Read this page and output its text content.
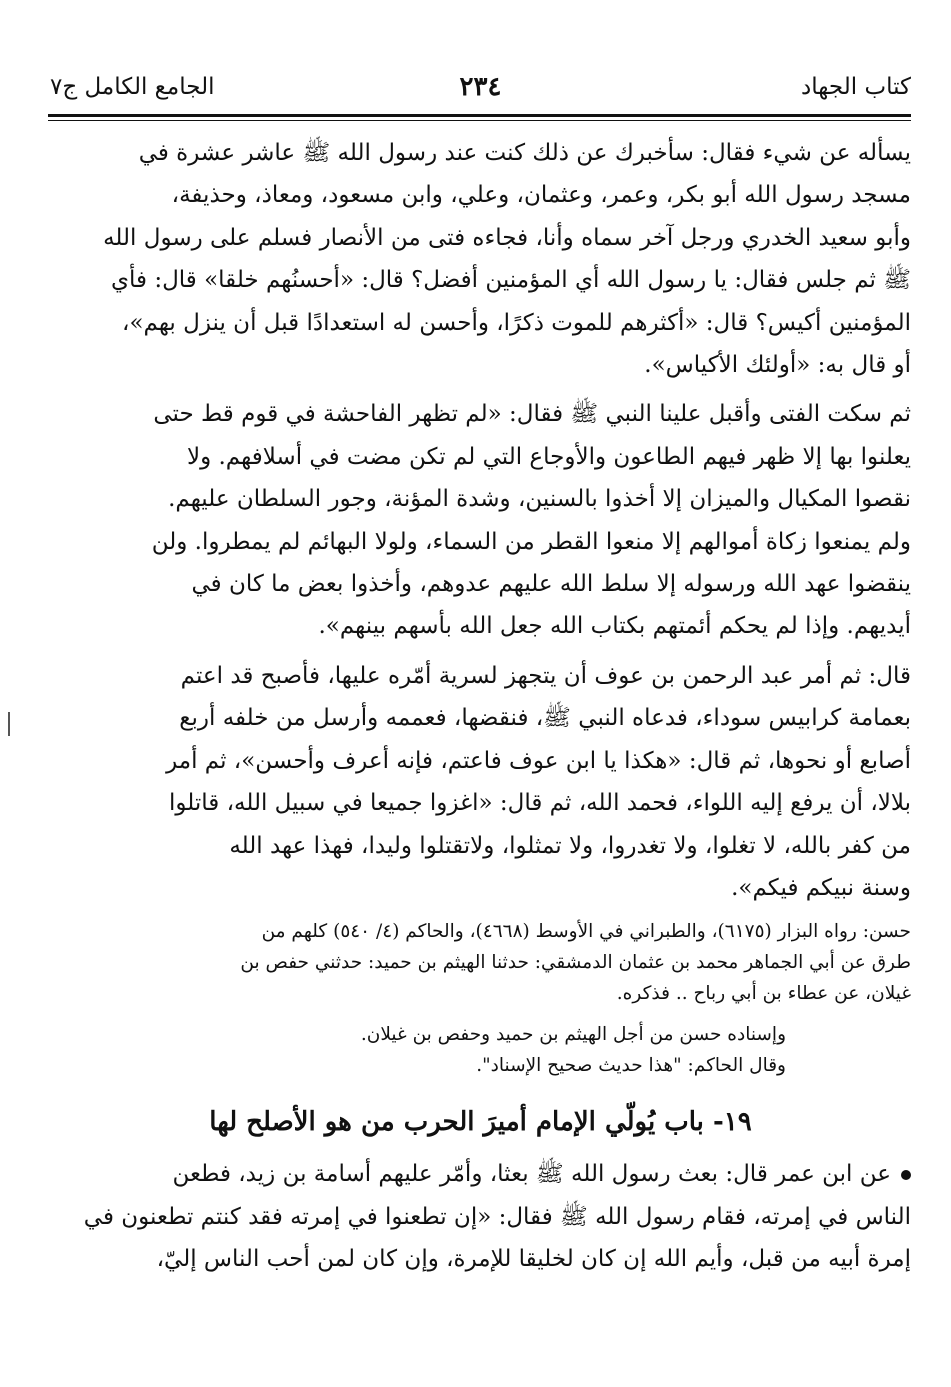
كتاب الجهاد
٢٣٤
الجامع الكامل ج٧
يسأله عن شيء فقال: سأخبرك عن ذلك كنت عند رسول الله ﷺ عاشر عشرة في
مسجد رسول الله أبو بكر، وعمر، وعثمان، وعلي، وابن مسعود، ومعاذ، وحذيفة،
وأبو سعيد الخدري ورجل آخر سماه وأنا، فجاءه فتى من الأنصار فسلم على رسول الله
ﷺ ثم جلس فقال: يا رسول الله أي المؤمنين أفضل؟ قال: «أحسنُهم خلقا» قال: فأي
المؤمنين أكيس؟ قال: «أكثرهم للموت ذكرًا، وأحسن له استعدادًا قبل أن ينزل بهم»،
أو قال به: «أولئك الأكياس».
ثم سكت الفتى وأقبل علينا النبي ﷺ فقال: «لم تظهر الفاحشة في قوم قط حتى
يعلنوا بها إلا ظهر فيهم الطاعون والأوجاع التي لم تكن مضت في أسلافهم. ولا
نقصوا المكيال والميزان إلا أخذوا بالسنين، وشدة المؤنة، وجور السلطان عليهم.
ولم يمنعوا زكاة أموالهم إلا منعوا القطر من السماء، ولولا البهائم لم يمطروا. ولن
ينقضوا عهد الله ورسوله إلا سلط الله عليهم عدوهم، وأخذوا بعض ما كان في
أيديهم. وإذا لم يحكم أئمتهم بكتاب الله جعل الله بأسهم بينهم».
قال: ثم أمر عبد الرحمن بن عوف أن يتجهز لسرية أمّره عليها، فأصبح قد اعتم
بعمامة كرابيس سوداء، فدعاه النبي ﷺ، فنقضها، فعممه وأرسل من خلفه أربع
أصابع أو نحوها، ثم قال: «هكذا يا ابن عوف فاعتم، فإنه أعرف وأحسن»، ثم أمر
بلالا، أن يرفع إليه اللواء، فحمد الله، ثم قال: «اغزوا جميعا في سبيل الله، قاتلوا
من كفر بالله، لا تغلوا، ولا تغدروا، ولا تمثلوا، ولاتقتلوا وليدا، فهذا عهد الله
وسنة نبيكم فيكم».
حسن: رواه البزار (٦١٧٥)، والطبراني في الأوسط (٤٦٦٨)، والحاكم (٤/ ٥٤٠) كلهم من
طرق عن أبي الجماهر محمد بن عثمان الدمشقي: حدثنا الهيثم بن حميد: حدثني حفص بن
غيلان، عن عطاء بن أبي رباح .. فذكره.
وإسناده حسن من أجل الهيثم بن حميد وحفص بن غيلان.
وقال الحاكم: "هذا حديث صحيح الإسناد".
١٩- باب يُولّي الإمام أميرَ الحرب من هو الأصلح لها
عن ابن عمر قال: بعث رسول الله ﷺ بعثا، وأمّر عليهم أسامة بن زيد، فطعن
الناس في إمرته، فقام رسول الله ﷺ فقال: «إن تطعنوا في إمرته فقد كنتم تطعنون في
إمرة أبيه من قبل، وأيم الله إن كان لخليقا للإمرة، وإن كان لمن أحب الناس إليّ،
